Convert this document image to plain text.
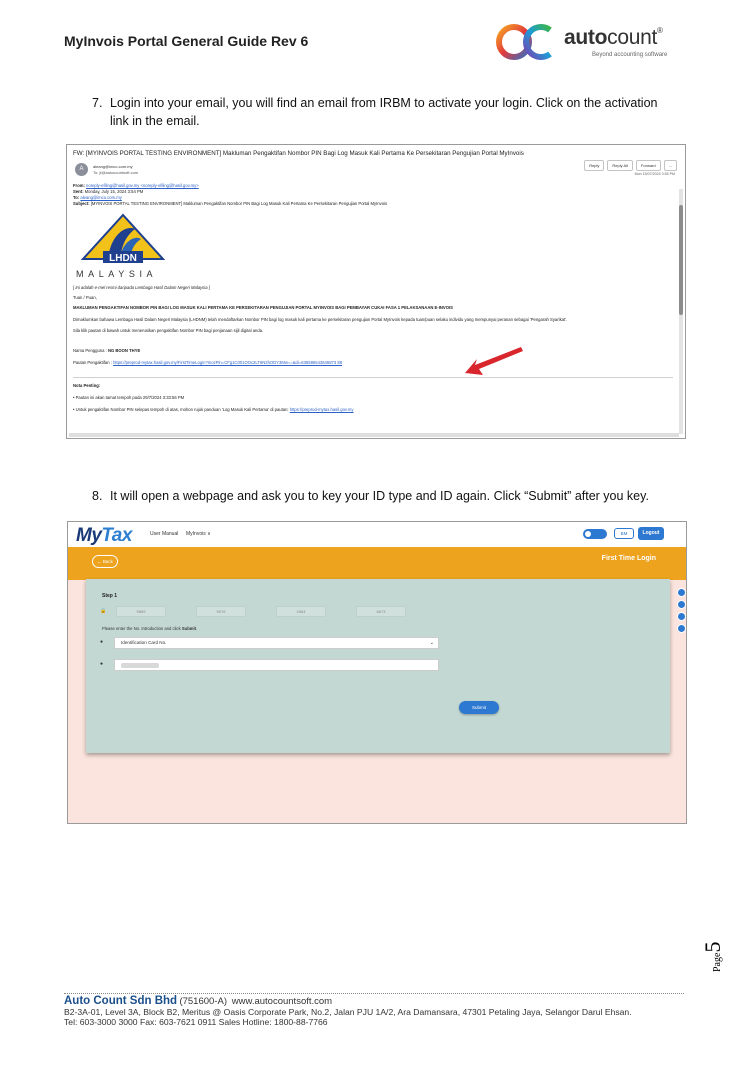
MyInvois Portal General Guide Rev 6	autocount®
Beyond accounting software
7. Login into your email, you will find an email from IRBM to activate your login. Click on the activation
link in the email.
FW: [MYINVOIS PORTAL TESTING ENVIRONMENT] Makluman Pengaktifan Nombor PIN Bagi Log Masuk Kali Pertama Ke Persekitaran Pengujian Portal MyInvois
A	aleang@imco.com.my
To: jt@autocountsoft.com
Reply	Reply All	Forward	...
Mon 15/07/2024 3:55 PM
From: noreply-efiling@hasil.gov.my <noreply-efiling@hasil.gov.my>
Sent: Monday, July 15, 2024 3:54 PM
To: aleang@imco.com.my
Subject: [MYINVOIS PORTAL TESTING ENVIRONMENT] Makluman Pengaktifan Nombor PIN Bagi Log Masuk Kali Pertama Ke Persekitaran Pengujian Portal MyInvois
LHDN
MALAYSIA
[ Ini adalah e-mel resmi daripada Lembaga Hasil Dalam Negeri Malaysia ]
Tuan / Puan,
MAKLUMAN PENGAKTIFAN NOMBOR PIN BAGI LOG MASUK KALI PERTAMA KE PERSEKITARAN PENGUJIAN PORTAL MYINVOIS BAGI PEMBAYAR CUKAI FASA 1 PELAKSANAAN E-INVOIS
Dimaklumkan bahawa Lembaga Hasil Dalam Negeri Malaysia (LHDNM) telah mendaftarkan Nombor PIN bagi log masuk kali pertama ke persekitaran pengujian Portal MyInvois kepada tuan/puan selaku individu yang mempunyai peranan sebagai 'Pengarah Syarikat'.
Sila klik pautan di bawah untuk menerusikan pengaktifan Nombor PIN bagi penjanaan sijil digital anda.
Nama Pengguna : NG BOON THYE
Pautan Pengaktifan : https://preprod-mytax.hasil.gov.my/FirstTimeLogin?mozPin=CFg1C001OOc2LT6N2hODY3Mw==&di=636586543646873 88
Nota Penting:
• Pautan ini akan tamat tempoh pada 29/7/2024 3:33:56 PM
• Untuk pengaktifan Nombor PIN selepas tempoh di atas, mohon rujuk panduan 'Log Masuk Kali Pertama' di pautan: https://preprod-mytax.hasil.gov.my
8. It will open a webpage and ask you to key your ID type and ID again. Click “Submit” after you key.
MyTax	User Manual MyInvois ∨	BM	Logout
← Back	First Time Login
Step 1
🔒	9859	5976	2964	8673
Please enter the No. Introduction and click Submit.
●	Identification Card No.	⌄
●
Submit
Page5
Auto Count Sdn Bhd (751600-A) www.autocountsoft.com
B2-3A-01, Level 3A, Block B2, Meritus @ Oasis Corporate Park, No.2, Jalan PJU 1A/2, Ara Damansara, 47301 Petaling Jaya, Selangor Darul Ehsan.
Tel: 603-3000 3000 Fax: 603-7621 0911 Sales Hotline: 1800-88-7766
